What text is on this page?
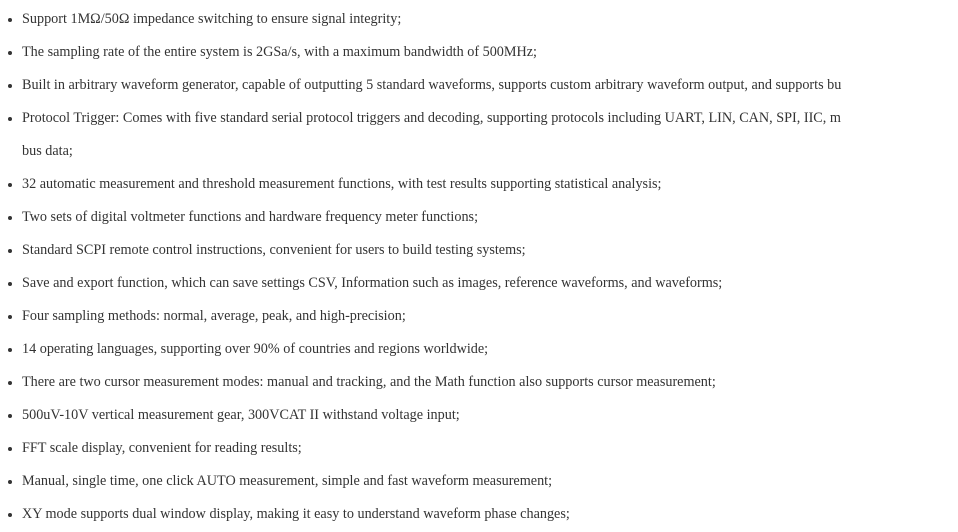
Support 1MΩ/50Ω impedance switching to ensure signal integrity;
The sampling rate of the entire system is 2GSa/s, with a maximum bandwidth of 500MHz;
Built in arbitrary waveform generator, capable of outputting 5 standard waveforms, supports custom arbitrary waveform output, and supports bu
Protocol Trigger: Comes with five standard serial protocol triggers and decoding, supporting protocols including UART, LIN, CAN, SPI, IIC, m
bus data;
32 automatic measurement and threshold measurement functions, with test results supporting statistical analysis;
Two sets of digital voltmeter functions and hardware frequency meter functions;
Standard SCPI remote control instructions, convenient for users to build testing systems;
Save and export function, which can save settings CSV, Information such as images, reference waveforms, and waveforms;
Four sampling methods: normal, average, peak, and high-precision;
14 operating languages, supporting over 90% of countries and regions worldwide;
There are two cursor measurement modes: manual and tracking, and the Math function also supports cursor measurement;
500uV-10V vertical measurement gear, 300VCAT II withstand voltage input;
FFT scale display, convenient for reading results;
Manual, single time, one click AUTO measurement, simple and fast waveform measurement;
XY mode supports dual window display, making it easy to understand waveform phase changes;
